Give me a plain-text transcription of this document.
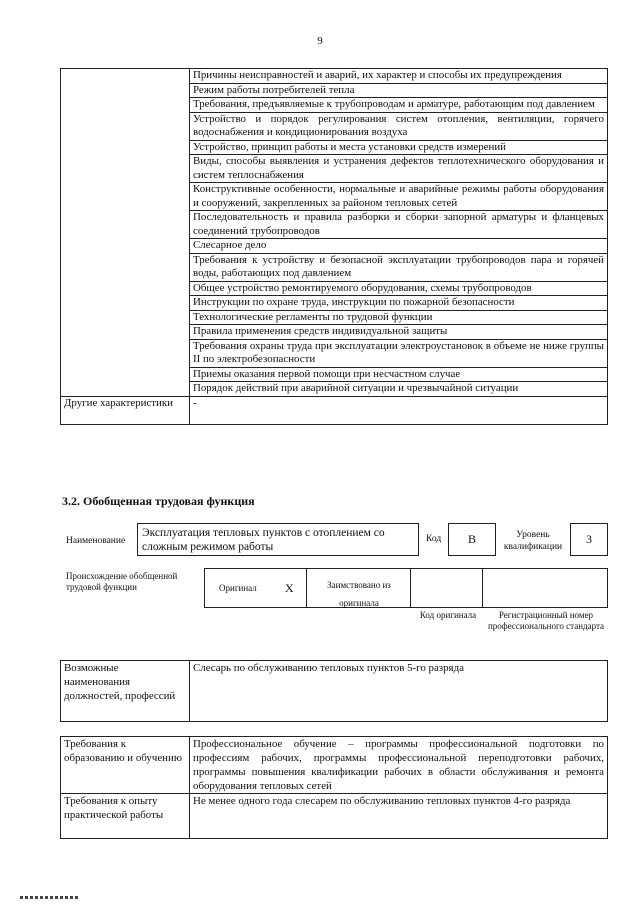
9
	Причины неисправностей и аварий, их характер и способы их предупреждения
	Режим работы потребителей тепла
	Требования, предъявляемые к трубопроводам и арматуре, работающим под давлением
	Устройство и порядок регулирования систем отопления, вентиляции, горячего водоснабжения и кондиционирования воздуха
	Устройство, принцип работы и места установки средств измерений
	Виды, способы выявления и устранения дефектов теплотехнического оборудования и систем теплоснабжения
	Конструктивные особенности, нормальные и аварийные режимы работы оборудования и сооружений, закрепленных за районом тепловых сетей
	Последовательность и правила разборки и сборки запорной арматуры и фланцевых соединений трубопроводов
	Слесарное дело
	Требования к устройству и безопасной эксплуатации трубопроводов пара и горячей воды, работающих под давлением
	Общее устройство ремонтируемого оборудования, схемы трубопроводов
	Инструкции по охране труда, инструкции по пожарной безопасности
	Технологические регламенты по трудовой функции
	Правила применения средств индивидуальной защиты
	Требования охраны труда при эксплуатации электроустановок в объеме не ниже группы II по электробезопасности
	Приемы оказания первой помощи при несчастном случае
	Порядок действий при аварийной ситуации и чрезвычайной ситуации
Другие характеристики	-
3.2. Обобщенная трудовая функция
Наименование
Эксплуатация тепловых пунктов с отоплением со сложным режимом работы
Код	B	Уровень квалификации
3
Происхождение обобщенной трудовой функции	Оригинал X	Заимствовано из оригинала
Код оригинала	Регистрационный номер профессионального стандарта
Возможные наименования должностей, профессий	Слесарь по обслуживанию тепловых пунктов 5-го разряда
Требования к образованию и обучению	Профессиональное обучение – программы профессиональной подготовки по профессиям рабочих, программы профессиональной переподготовки рабочих, программы повышения квалификации рабочих в области обслуживания и ремонта оборудования тепловых сетей
Требования к опыту практической работы	Не менее одного года слесарем по обслуживанию тепловых пунктов 4-го разряда
